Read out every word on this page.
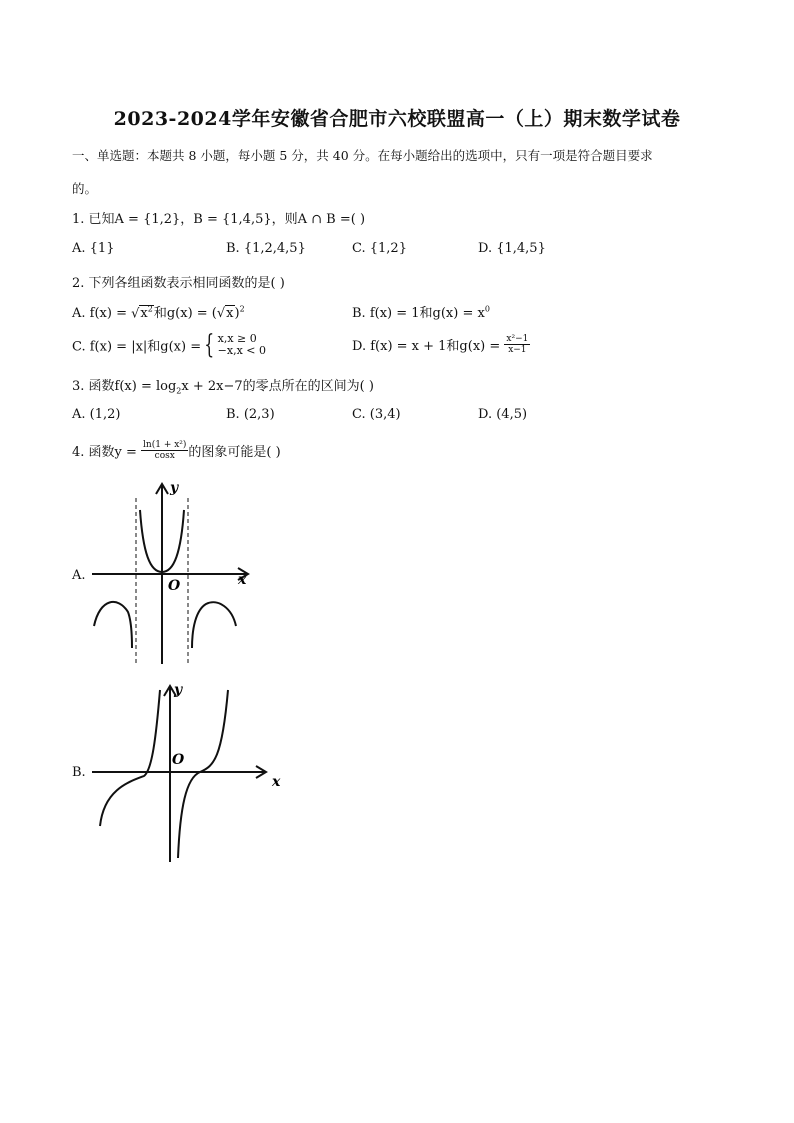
2023-2024学年安徽省合肥市六校联盟高一（上）期末数学试卷
一、单选题：本题共 8 小题，每小题 5 分，共 40 分。在每小题给出的选项中，只有一项是符合题目要求
的。
1. 已知A = {1,2}，B = {1,4,5}，则A ∩ B =( )
A. {1}	B. {1,2,4,5}	C. {1,2}	D. {1,4,5}
2. 下列各组函数表示相同函数的是( )
A. $f(x) = √x^2$和$g(x) = (√x)^2$	B. f(x) = 1和$g(x) = x^0$
C. f(x) = |x|和g(x) = { x,x ≥ 0
−x,x < 0	D. f(x) = x + 1和$g(x) = \frac{\text{x²−1}}{x-1}$
3. 函数$f(x) = \log_2x + 2x-7$的零点所在的区间为( )
A. (1,2)	B. (2,3)	C. (3,4)	D. (4,5)
4. 函数$y = \frac{\text{ln(1 + x²)}}{\cos x}$ 的图象可能是( )
A.
y
x
O
B.
y
x
O
